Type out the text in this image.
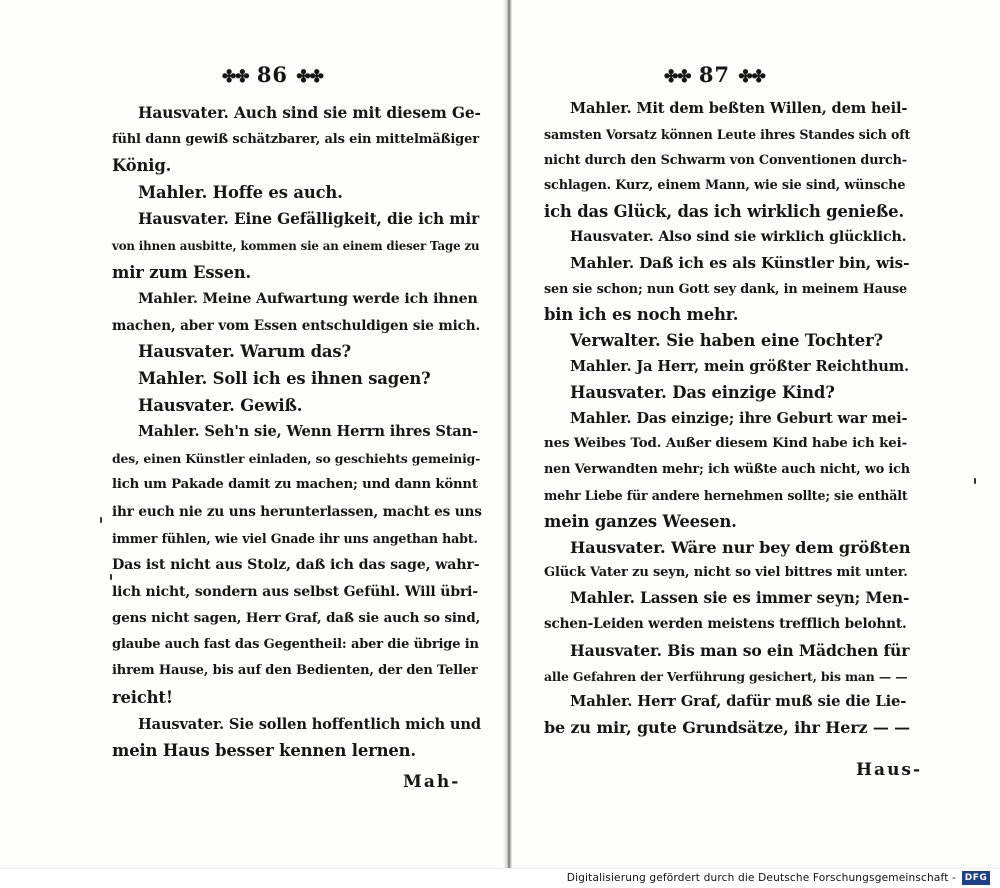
✤✤ 86 ✤✤
Hausvater. Auch sind sie mit diesem Ge-
fühl dann gewiß schätzbarer, als ein mittelmäßiger
König.
Mahler. Hoffe es auch.
Hausvater. Eine Gefälligkeit, die ich mir
von ihnen ausbitte, kommen sie an einem dieser Tage zu
mir zum Essen.
Mahler. Meine Aufwartung werde ich ihnen
machen, aber vom Essen entschuldigen sie mich.
Hausvater. Warum das?
Mahler. Soll ich es ihnen sagen?
Hausvater. Gewiß.
Mahler. Seh'n sie, Wenn Herrn ihres Stan-
des, einen Künstler einladen, so geschiehts gemeinig-
lich um Pakade damit zu machen; und dann könnt
ihr euch nie zu uns herunterlassen, macht es uns
immer fühlen, wie viel Gnade ihr uns angethan habt.
Das ist nicht aus Stolz, daß ich das sage, wahr-
lich nicht, sondern aus selbst Gefühl. Will übri-
gens nicht sagen, Herr Graf, daß sie auch so sind,
glaube auch fast das Gegentheil: aber die übrige in
ihrem Hause, bis auf den Bedienten, der den Teller
reicht!
Hausvater. Sie sollen hoffentlich mich und
mein Haus besser kennen lernen.
Mah-
✤✤ 87 ✤✤
Mahler. Mit dem beßten Willen, dem heil-
samsten Vorsatz können Leute ihres Standes sich oft
nicht durch den Schwarm von Conventionen durch-
schlagen. Kurz, einem Mann, wie sie sind, wünsche
ich das Glück, das ich wirklich genieße.
Hausvater. Also sind sie wirklich glücklich.
Mahler. Daß ich es als Künstler bin, wis-
sen sie schon; nun Gott sey dank, in meinem Hause
bin ich es noch mehr.
Verwalter. Sie haben eine Tochter?
Mahler. Ja Herr, mein größter Reichthum.
Hausvater. Das einzige Kind?
Mahler. Das einzige; ihre Geburt war mei-
nes Weibes Tod. Außer diesem Kind habe ich kei-
nen Verwandten mehr; ich wüßte auch nicht, wo ich
mehr Liebe für andere hernehmen sollte; sie enthält
mein ganzes Weesen.
Hausvater. Wäre nur bey dem größten
Glück Vater zu seyn, nicht so viel bittres mit unter.
Mahler. Lassen sie es immer seyn; Men-
schen-Leiden werden meistens trefflich belohnt.
Hausvater. Bis man so ein Mädchen für
alle Gefahren der Verführung gesichert, bis man — —
Mahler. Herr Graf, dafür muß sie die Lie-
be zu mir, gute Grundsätze, ihr Herz — —
Haus-
Digitalisierung gefördert durch die Deutsche Forschungsgemeinschaft - DFG
